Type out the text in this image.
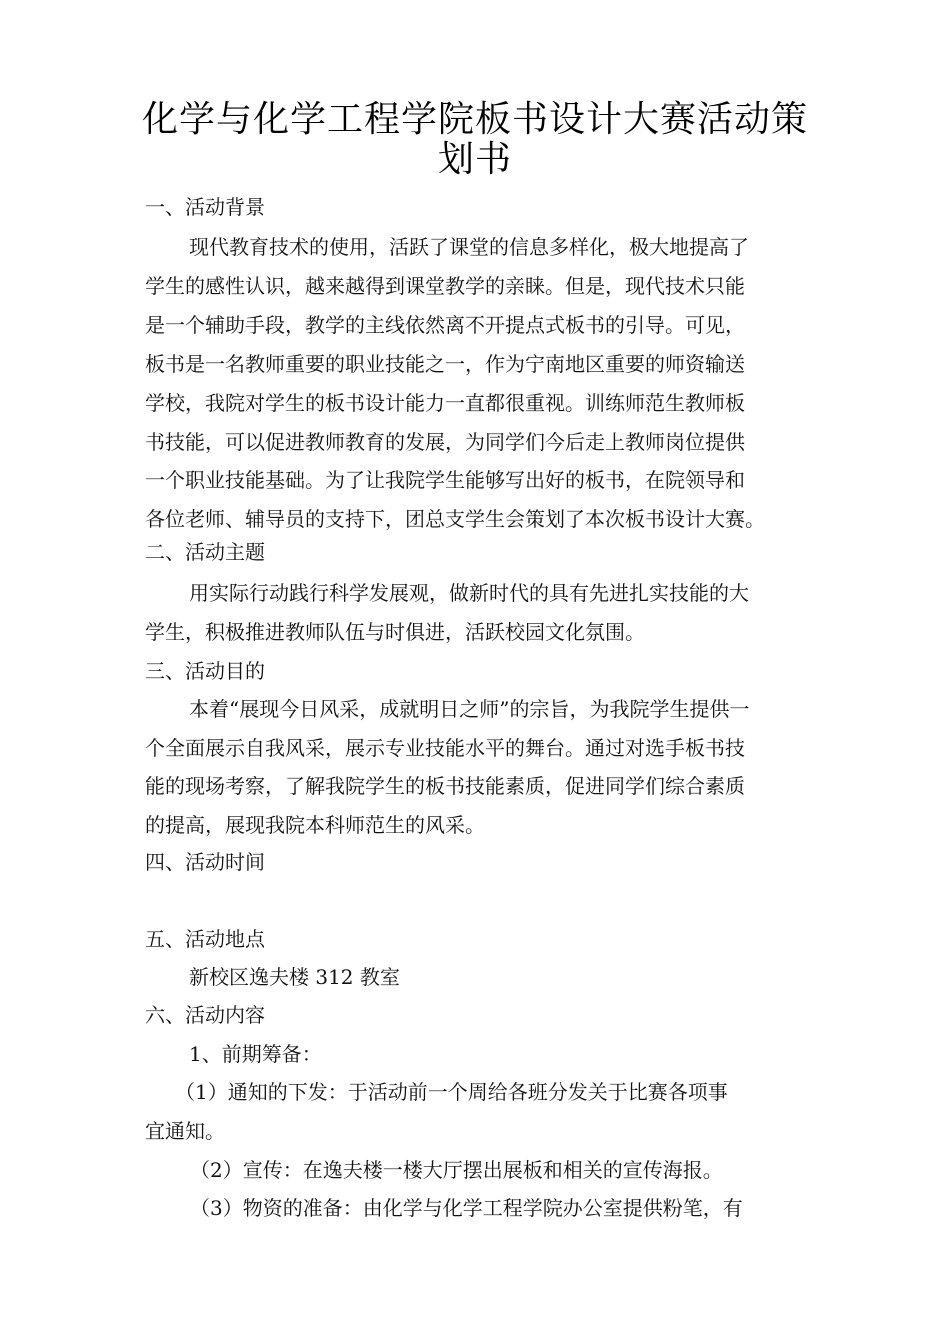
化学与化学工程学院板书设计大赛活动策
划书
一、活动背景
现代教育技术的使用，活跃了课堂的信息多样化，极大地提高了
学生的感性认识，越来越得到课堂教学的亲睐。但是，现代技术只能
是一个辅助手段，教学的主线依然离不开提点式板书的引导。可见，
板书是一名教师重要的职业技能之一，作为宁南地区重要的师资输送
学校，我院对学生的板书设计能力一直都很重视。训练师范生教师板
书技能，可以促进教师教育的发展，为同学们今后走上教师岗位提供
一个职业技能基础。为了让我院学生能够写出好的板书，在院领导和
各位老师、辅导员的支持下，团总支学生会策划了本次板书设计大赛。
二、活动主题
用实际行动践行科学发展观，做新时代的具有先进扎实技能的大
学生，积极推进教师队伍与时俱进，活跃校园文化氛围。
三、活动目的
本着“展现今日风采，成就明日之师”的宗旨，为我院学生提供一
个全面展示自我风采，展示专业技能水平的舞台。通过对选手板书技
能的现场考察，了解我院学生的板书技能素质，促进同学们综合素质
的提高，展现我院本科师范生的风采。
四、活动时间
五、活动地点
新校区逸夫楼 312 教室
六、活动内容
1、前期筹备：
（1）通知的下发：于活动前一个周给各班分发关于比赛各项事
宜通知。
（2）宣传：在逸夫楼一楼大厅摆出展板和相关的宣传海报。
（3）物资的准备：由化学与化学工程学院办公室提供粉笔，有
